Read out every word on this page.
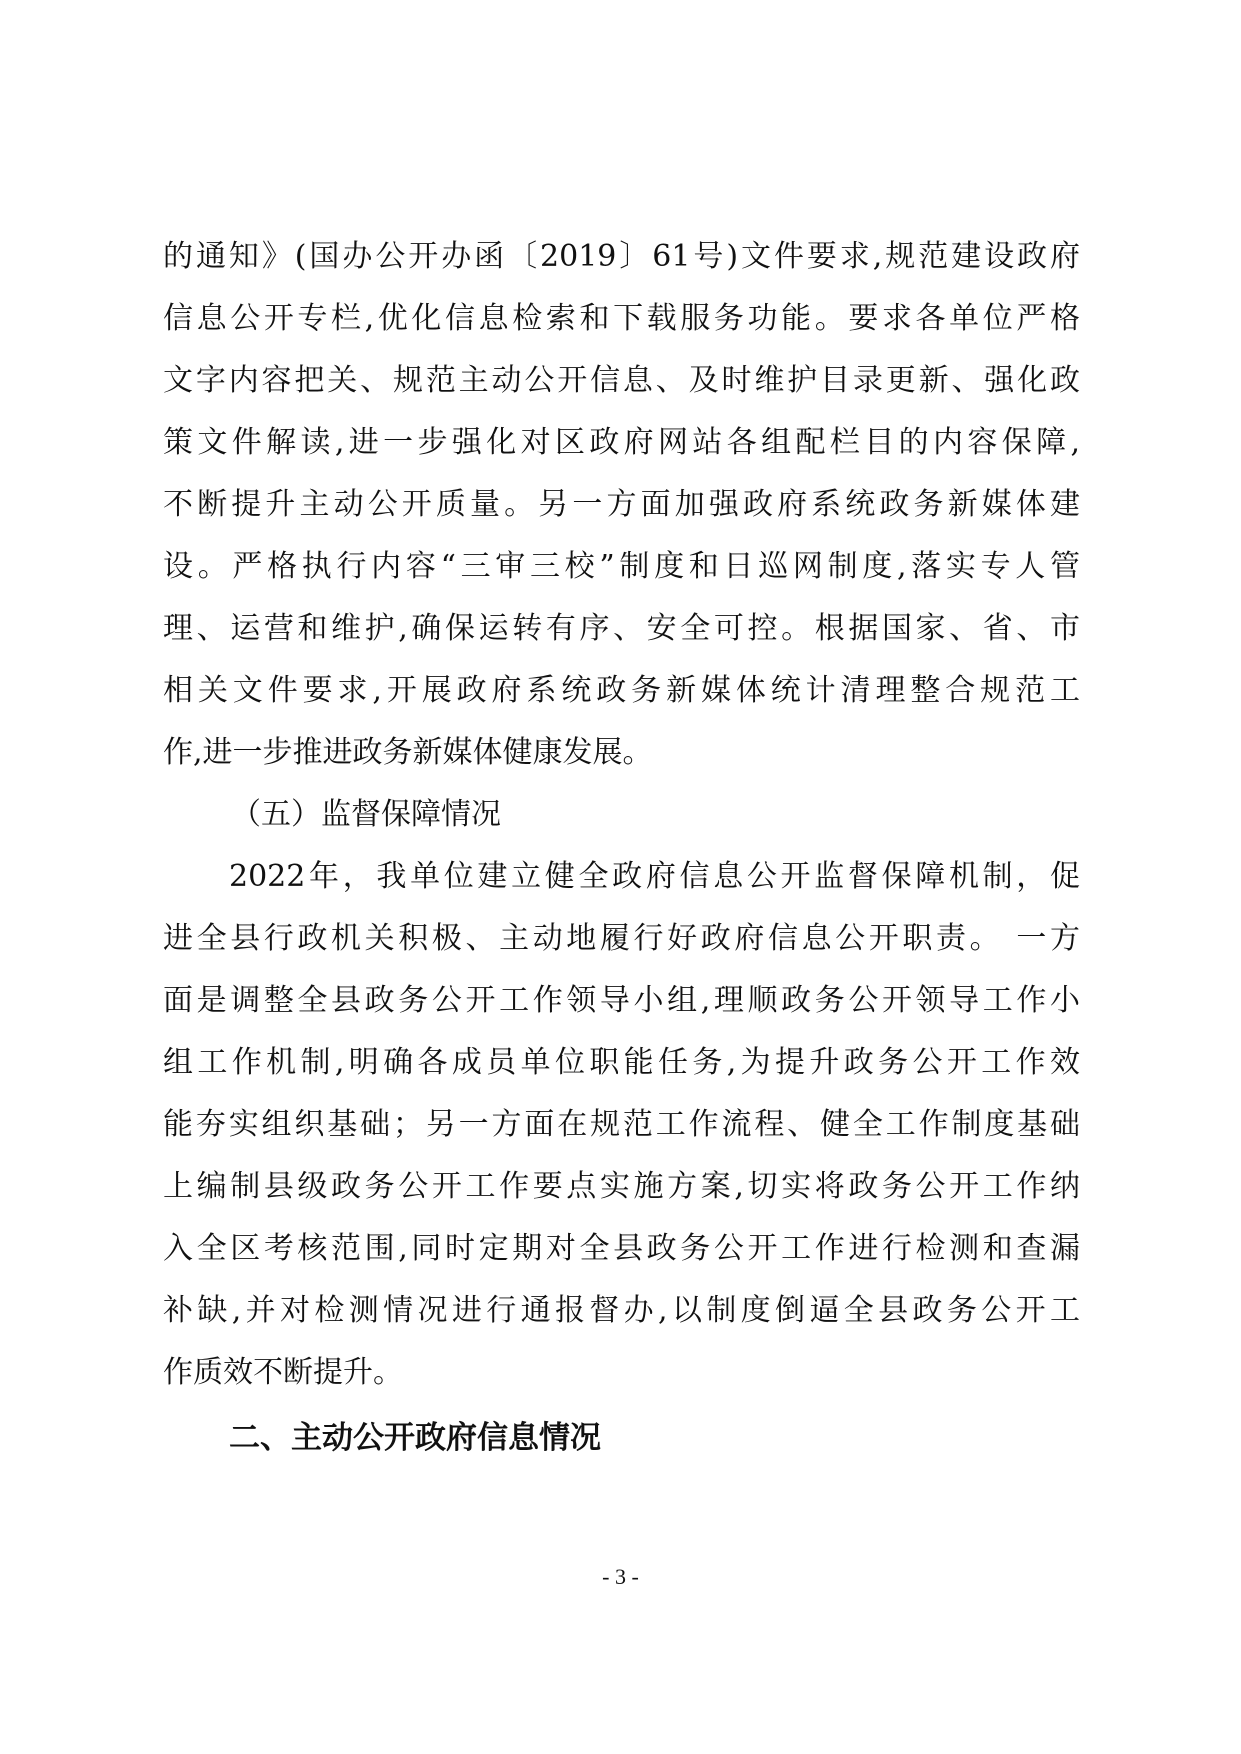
的通知》(国办公开办函〔2019〕61号)文件要求,规范建设政府
信息公开专栏,优化信息检索和下载服务功能。要求各单位严格
文字内容把关、规范主动公开信息、及时维护目录更新、强化政
策文件解读,进一步强化对区政府网站各组配栏目的内容保障,
不断提升主动公开质量。另一方面加强政府系统政务新媒体建
设。严格执行内容“三审三校”制度和日巡网制度,落实专人管
理、运营和维护,确保运转有序、安全可控。根据国家、省、市
相关文件要求,开展政府系统政务新媒体统计清理整合规范工
作,进一步推进政务新媒体健康发展。
（五）监督保障情况
2022年，我单位建立健全政府信息公开监督保障机制，促
进全县行政机关积极、主动地履行好政府信息公开职责。 一方
面是调整全县政务公开工作领导小组,理顺政务公开领导工作小
组工作机制,明确各成员单位职能任务,为提升政务公开工作效
能夯实组织基础；另一方面在规范工作流程、健全工作制度基础
上编制县级政务公开工作要点实施方案,切实将政务公开工作纳
入全区考核范围,同时定期对全县政务公开工作进行检测和查漏
补缺,并对检测情况进行通报督办,以制度倒逼全县政务公开工
作质效不断提升。
二、主动公开政府信息情况
- 3 -
